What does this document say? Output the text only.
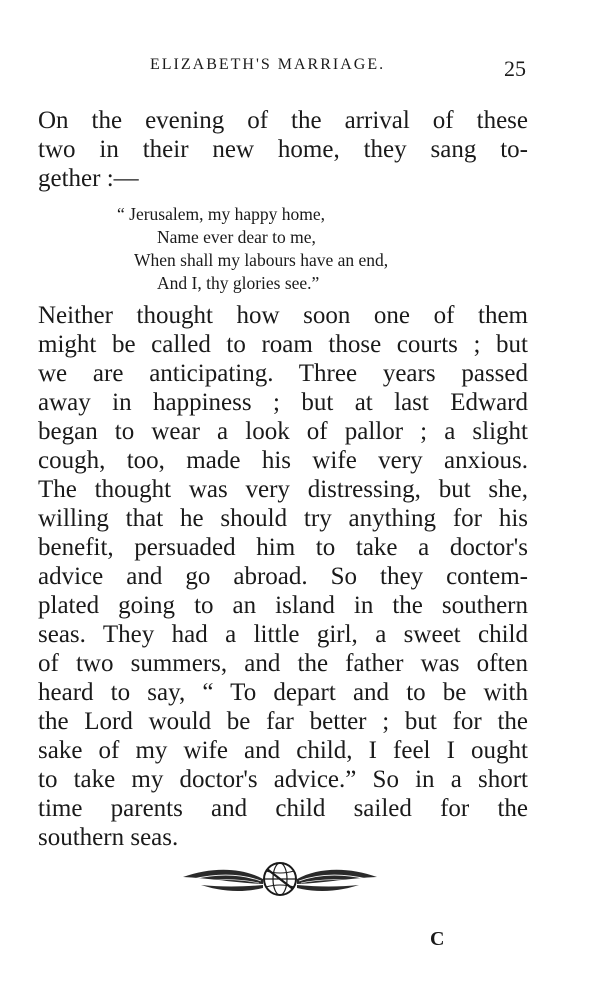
ELIZABETH'S MARRIAGE.	25

On the evening of the arrival of these
two in their new home, they sang to-
gether :—

“ Jerusalem, my happy home,
Name ever dear to me,
When shall my labours have an end,
And I, thy glories see.”

Neither thought how soon one of them
might be called to roam those courts ; but
we are anticipating. Three years passed
away in happiness ; but at last Edward
began to wear a look of pallor ; a slight
cough, too, made his wife very anxious.
The thought was very distressing, but she,
willing that he should try anything for his
benefit, persuaded him to take a doctor's
advice and go abroad. So they contem-
plated going to an island in the southern
seas. They had a little girl, a sweet child
of two summers, and the father was often
heard to say, “ To depart and to be with
the Lord would be far better ; but for the
sake of my wife and child, I feel I ought
to take my doctor's advice.” So in a short
time parents and child sailed for the
southern seas.

C
